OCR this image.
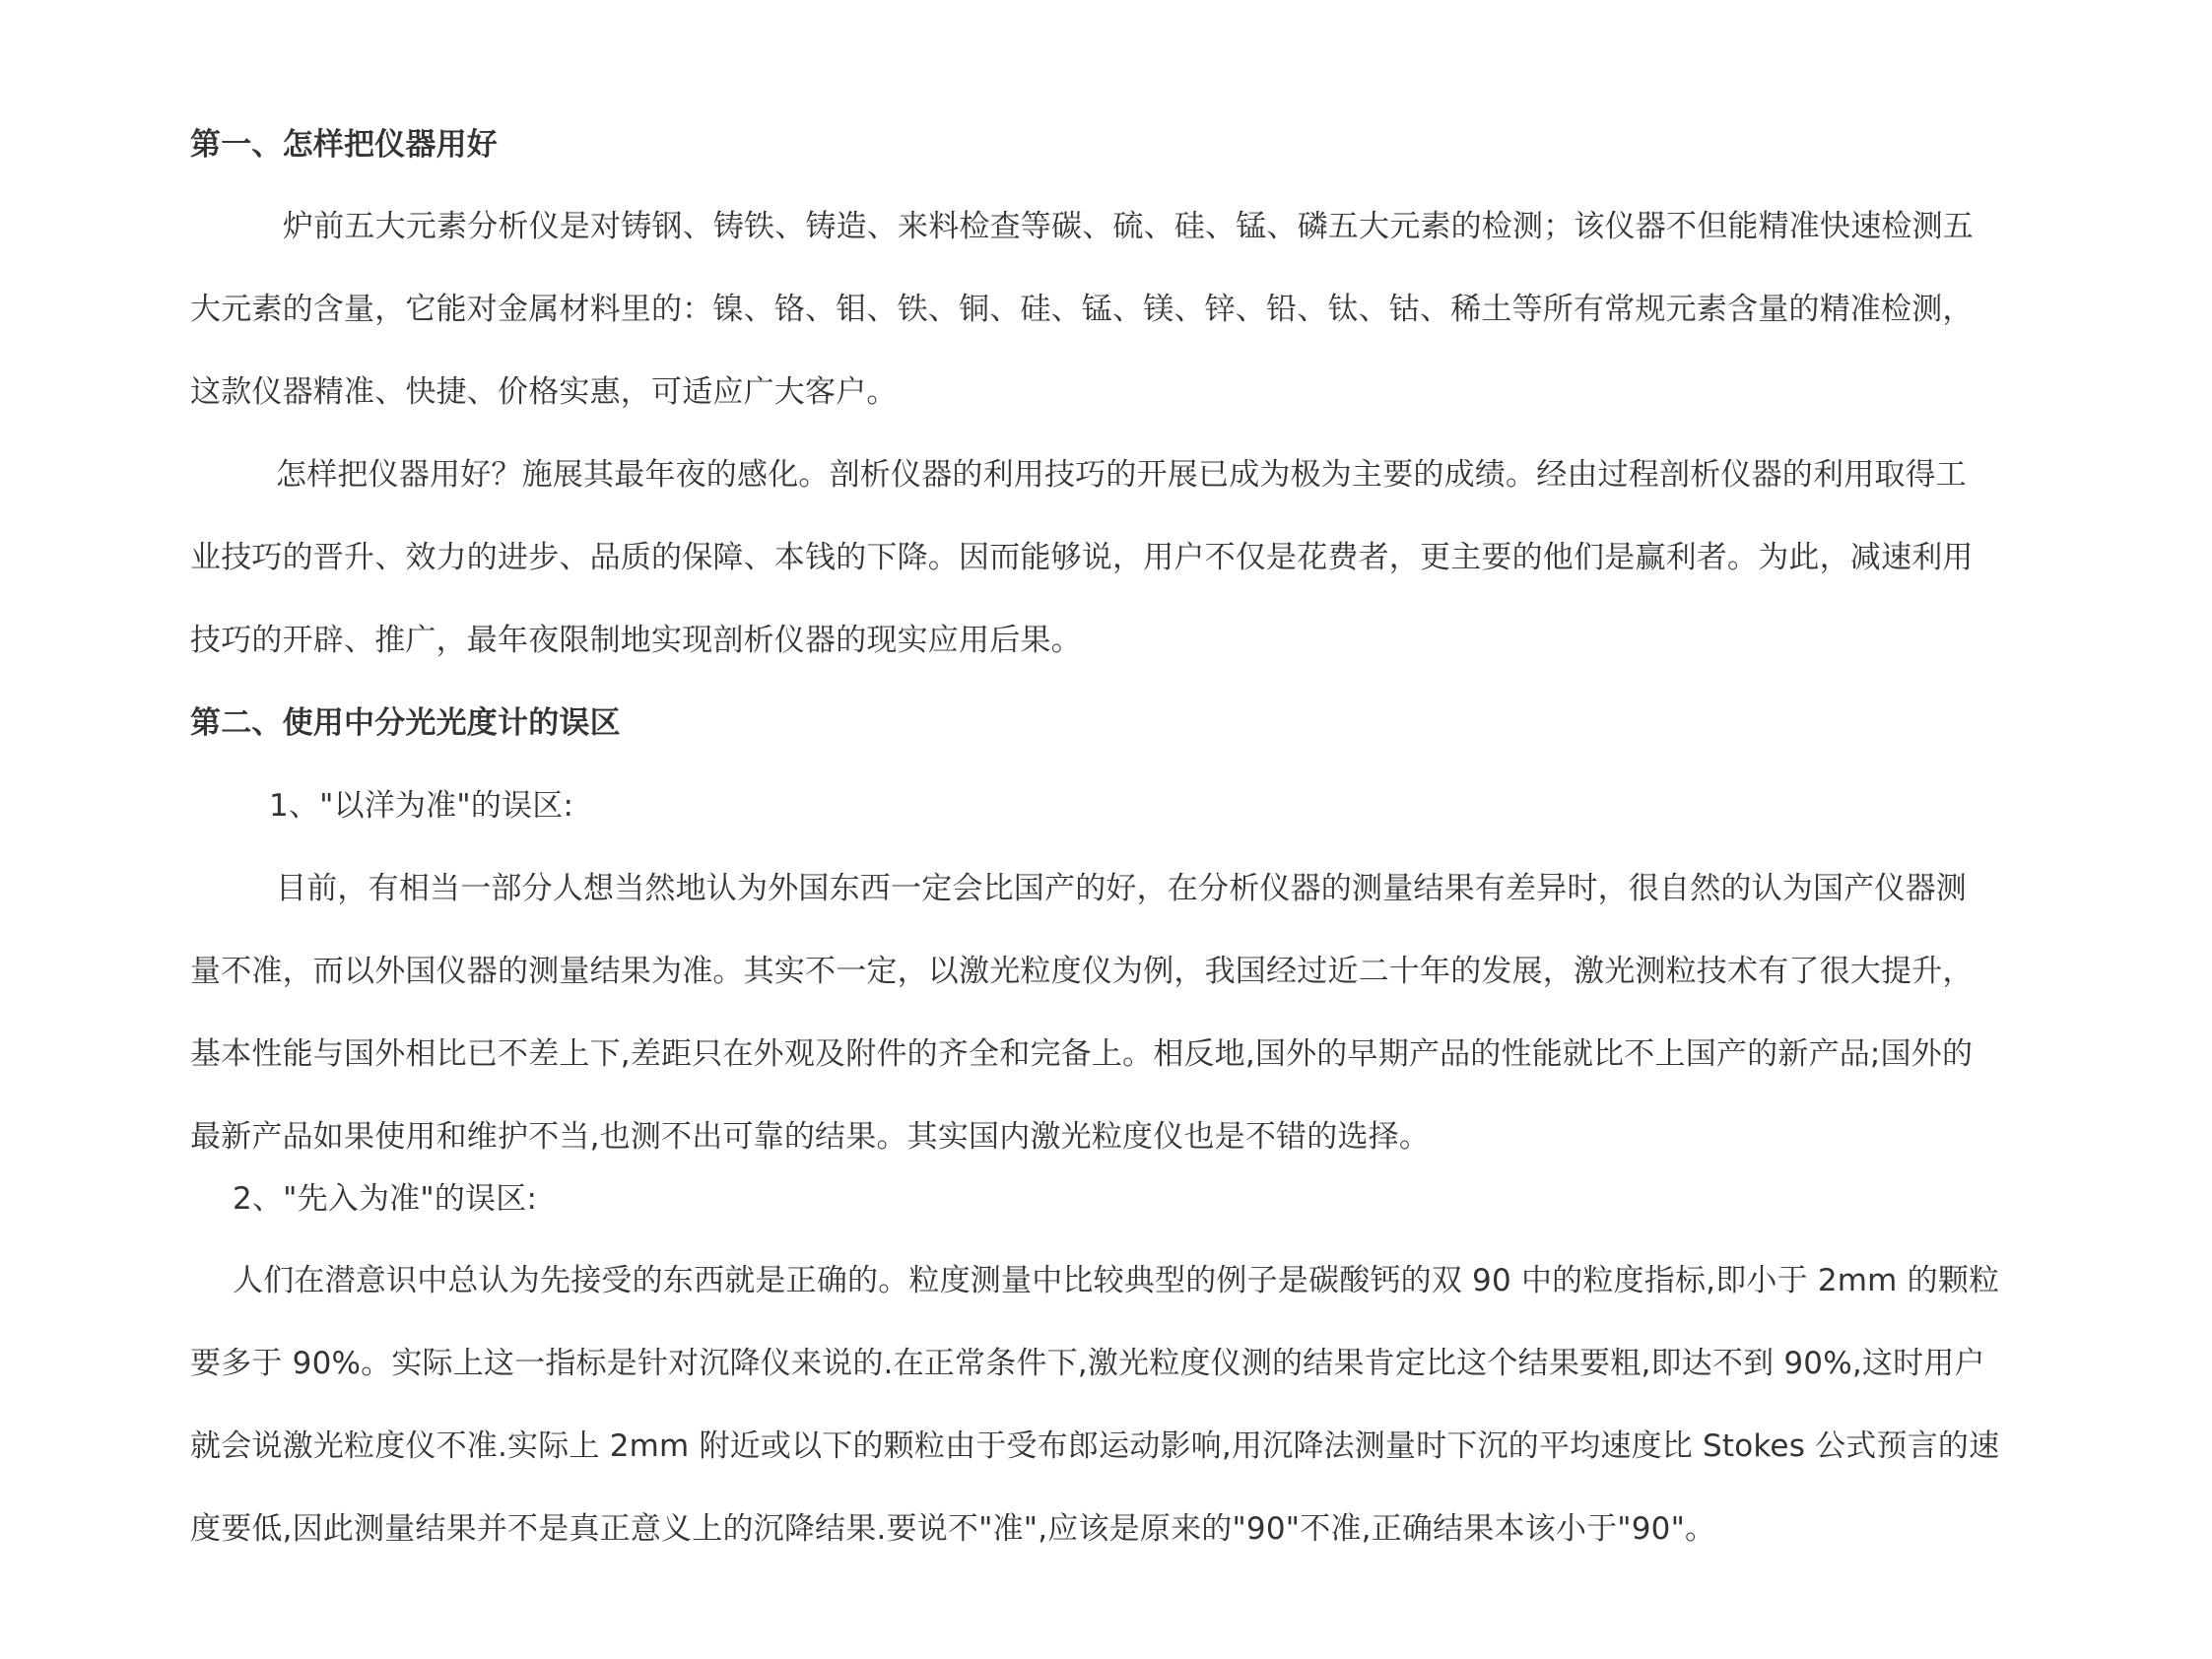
第一、怎样把仪器用好
炉前五大元素分析仪是对铸钢、铸铁、铸造、来料检查等碳、硫、硅、锰、磷五大元素的检测；该仪器不但能精准快速检测五
大元素的含量，它能对金属材料里的：镍、铬、钼、铁、铜、硅、锰、镁、锌、铅、钛、钴、稀土等所有常规元素含量的精准检测，
这款仪器精准、快捷、价格实惠，可适应广大客户。
怎样把仪器用好？施展其最年夜的感化。剖析仪器的利用技巧的开展已成为极为主要的成绩。经由过程剖析仪器的利用取得工
业技巧的晋升、效力的进步、品质的保障、本钱的下降。因而能够说，用户不仅是花费者，更主要的他们是赢利者。为此，减速利用
技巧的开辟、推广，最年夜限制地实现剖析仪器的现实应用后果。
第二、使用中分光光度计的误区
1、"以洋为准"的误区:
目前，有相当一部分人想当然地认为外国东西一定会比国产的好，在分析仪器的测量结果有差异时，很自然的认为国产仪器测
量不准，而以外国仪器的测量结果为准。其实不一定，以激光粒度仪为例，我国经过近二十年的发展，激光测粒技术有了很大提升，
基本性能与国外相比已不差上下,差距只在外观及附件的齐全和完备上。相反地,国外的早期产品的性能就比不上国产的新产品;国外的
最新产品如果使用和维护不当,也测不出可靠的结果。其实国内激光粒度仪也是不错的选择。
2、"先入为准"的误区:
人们在潜意识中总认为先接受的东西就是正确的。粒度测量中比较典型的例子是碳酸钙的双 90 中的粒度指标,即小于 2mm 的颗粒
要多于 90%。实际上这一指标是针对沉降仪来说的.在正常条件下,激光粒度仪测的结果肯定比这个结果要粗,即达不到 90%,这时用户
就会说激光粒度仪不准.实际上 2mm 附近或以下的颗粒由于受布郎运动影响,用沉降法测量时下沉的平均速度比 Stokes 公式预言的速
度要低,因此测量结果并不是真正意义上的沉降结果.要说不"准",应该是原来的"90"不准,正确结果本该小于"90"。
